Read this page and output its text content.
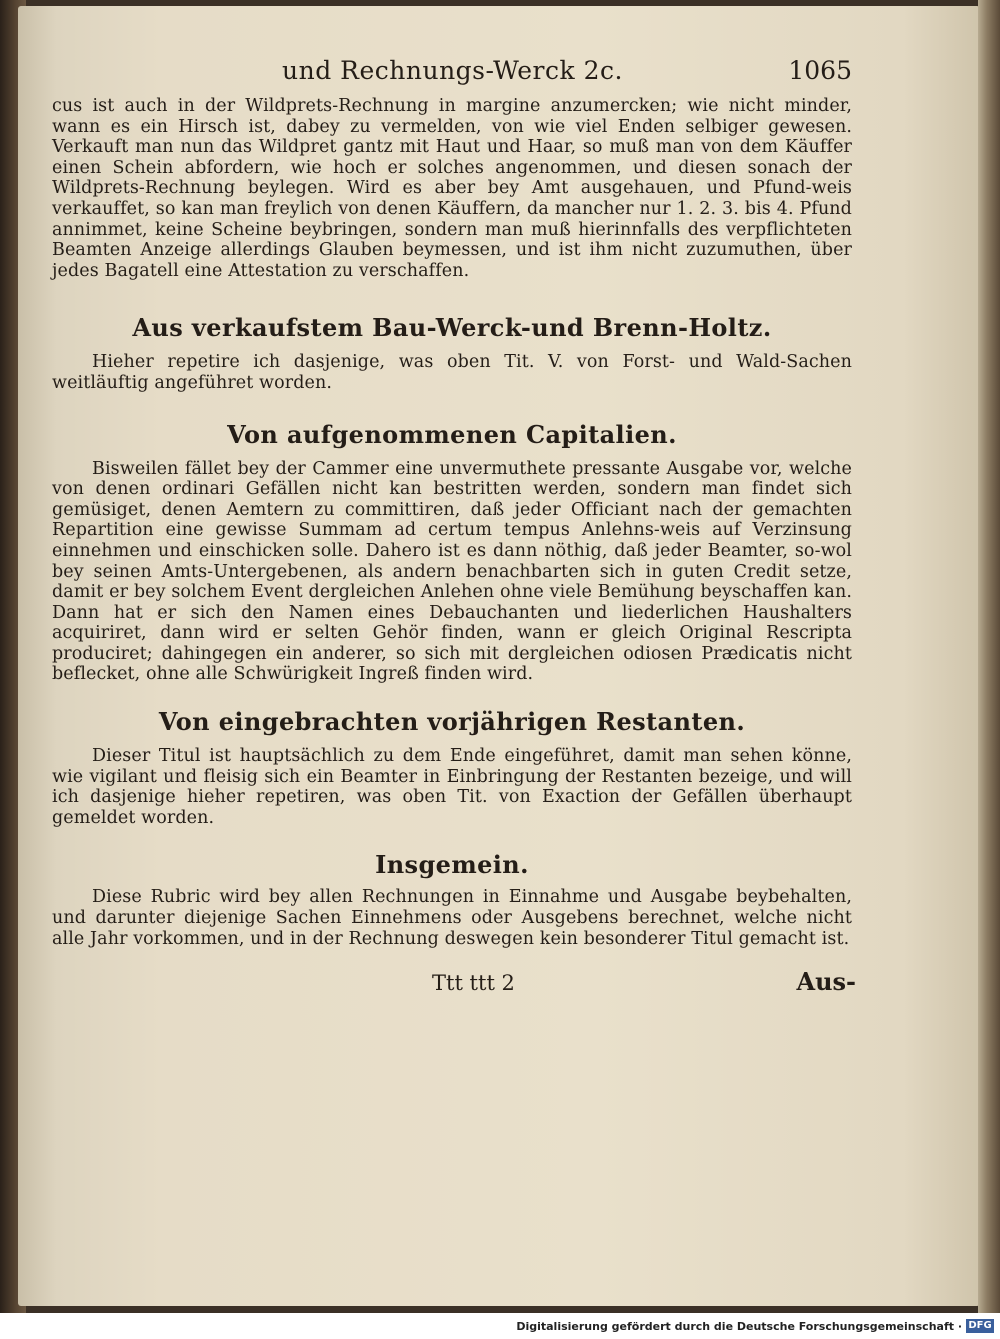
und Rechnungs-Werck 2c.	1065

cus ist auch in der Wildprets-Rechnung in margine anzumercken; wie nicht minder, wann es ein Hirsch ist, dabey zu vermelden, von wie viel Enden selbiger gewesen. Verkauft man nun das Wildpret gantz mit Haut und Haar, so muß man von dem Käuffer einen Schein abfordern, wie hoch er solches angenommen, und diesen sonach der Wildprets-Rechnung beylegen. Wird es aber bey Amt ausgehauen, und Pfund-weis verkauffet, so kan man freylich von denen Käuffern, da mancher nur 1. 2. 3. bis 4. Pfund annimmet, keine Scheine beybringen, sondern man muß hierinnfalls des verpflichteten Beamten Anzeige allerdings Glauben beymessen, und ist ihm nicht zuzumuthen, über jedes Bagatell eine Attestation zu verschaffen.

Aus verkaufstem Bau-Werck-und Brenn-Holtz.

Hieher repetire ich dasjenige, was oben Tit. V. von Forst- und Wald-Sachen weitläuftig angeführet worden.

Von aufgenommenen Capitalien.

Bisweilen fället bey der Cammer eine unvermuthete pressante Ausgabe vor, welche von denen ordinari Gefällen nicht kan bestritten werden, sondern man findet sich gemüsiget, denen Aemtern zu committiren, daß jeder Officiant nach der gemachten Repartition eine gewisse Summam ad certum tempus Anlehns-weis auf Verzinsung einnehmen und einschicken solle. Dahero ist es dann nöthig, daß jeder Beamter, so-wol bey seinen Amts-Untergebenen, als andern benachbarten sich in guten Credit setze, damit er bey solchem Event dergleichen Anlehen ohne viele Bemühung beyschaffen kan. Dann hat er sich den Namen eines Debauchanten und liederlichen Haushalters acquiriret, dann wird er selten Gehör finden, wann er gleich Original Rescripta produciret; dahingegen ein anderer, so sich mit dergleichen odiosen Prædicatis nicht beflecket, ohne alle Schwürigkeit Ingreß finden wird.

Von eingebrachten vorjährigen Restanten.

Dieser Titul ist hauptsächlich zu dem Ende eingeführet, damit man sehen könne, wie vigilant und fleisig sich ein Beamter in Einbringung der Restanten bezeige, und will ich dasjenige hieher repetiren, was oben Tit. von Exaction der Gefällen überhaupt gemeldet worden.

Insgemein.

Diese Rubric wird bey allen Rechnungen in Einnahme und Ausgabe beybehalten, und darunter diejenige Sachen Einnehmens oder Ausgebens berechnet, welche nicht alle Jahr vorkommen, und in der Rechnung deswegen kein besonderer Titul gemacht ist.

Ttt ttt 2	Aus-
Digitalisierung gefördert durch die Deutsche Forschungsgemeinschaft · DFG
